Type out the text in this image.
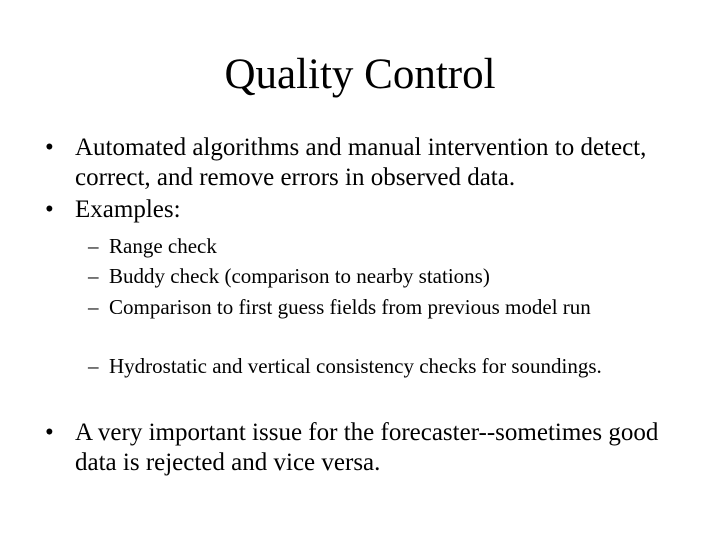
Quality Control
• Automated algorithms and manual intervention to detect, correct, and remove errors in observed data.
• Examples:
– Range check
– Buddy check (comparison to nearby stations)
– Comparison to first guess fields from previous model run
– Hydrostatic and vertical consistency checks for soundings.
• A very important issue for the forecaster--sometimes good data is rejected and vice versa.
